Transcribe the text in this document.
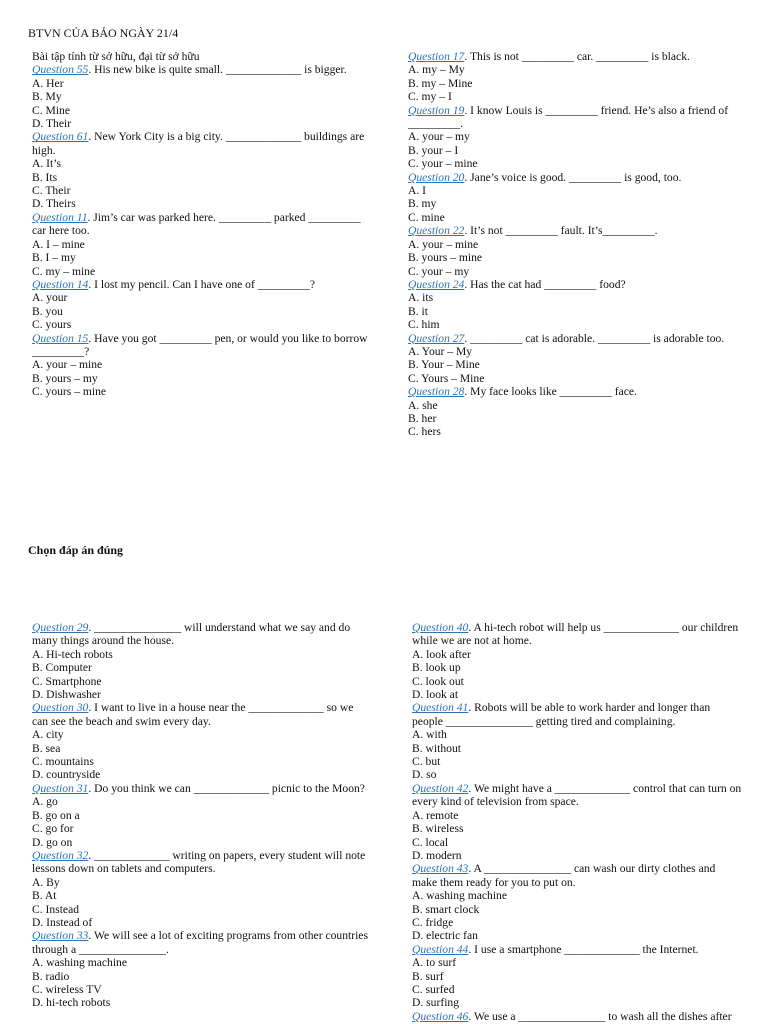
BTVN CỦA BẢO NGÀY 21/4
Bài tập tính từ sở hữu, đại từ sở hữu
Question 55. His new bike is quite small. _____________ is bigger.
A. Her
B. My
C. Mine
D. Their
Question 61. New York City is a big city. _____________ buildings are high.
A. It’s
B. Its
C. Their
D. Theirs
Question 11. Jim’s car was parked here. _________ parked _________ car here too.
A. I – mine
B. I – my
C. my – mine
Question 14. I lost my pencil. Can I have one of _________?
A. your
B. you
C. yours
Question 15. Have you got _________ pen, or would you like to borrow _________?
A. your – mine
B. yours – my
C. yours – mine
Question 17. This is not _________ car. _________ is black.
A. my – My
B. my – Mine
C. my – I
Question 19. I know Louis is _________ friend. He’s also a friend of _________.
A. your – my
B. your – I
C. your – mine
Question 20. Jane’s voice is good. _________ is good, too.
A. I
B. my
C. mine
Question 22. It’s not _________ fault. It’s_________.
A. your – mine
B. yours – mine
C. your – my
Question 24. Has the cat had _________ food?
A. its
B. it
C. him
Question 27. _________ cat is adorable. _________ is adorable too.
A. Your – My
B. Your – Mine
C. Yours – Mine
Question 28. My face looks like _________ face.
A. she
B. her
C. hers
Chọn đáp án đúng
Question 29. _______________ will understand what we say and do many things around the house.
A. Hi-tech robots
B. Computer
C. Smartphone
D. Dishwasher
Question 30. I want to live in a house near the _____________ so we can see the beach and swim every day.
A. city
B. sea
C. mountains
D. countryside
Question 31. Do you think we can _____________ picnic to the Moon?
A. go
B. go on a
C. go for
D. go on
Question 32. _____________ writing on papers, every student will note lessons down on tablets and computers.
A. By
B. At
C. Instead
D. Instead of
Question 33. We will see a lot of exciting programs from other countries through a _______________.
A. washing machine
B. radio
C. wireless TV
D. hi-tech robots
Question 40. A hi-tech robot will help us _____________ our children while we are not at home.
A. look after
B. look up
C. look out
D. look at
Question 41. Robots will be able to work harder and longer than people _______________ getting tired and complaining.
A. with
B. without
C. but
D. so
Question 42. We might have a _____________ control that can turn on every kind of television from space.
A. remote
B. wireless
C. local
D. modern
Question 43. A _______________ can wash our dirty clothes and make them ready for you to put on.
A. washing machine
B. smart clock
C. fridge
D. electric fan
Question 44. I use a smartphone _____________ the Internet.
A. to surf
B. surf
C. surfed
D. surfing
Question 46. We use a _______________ to wash all the dishes after
